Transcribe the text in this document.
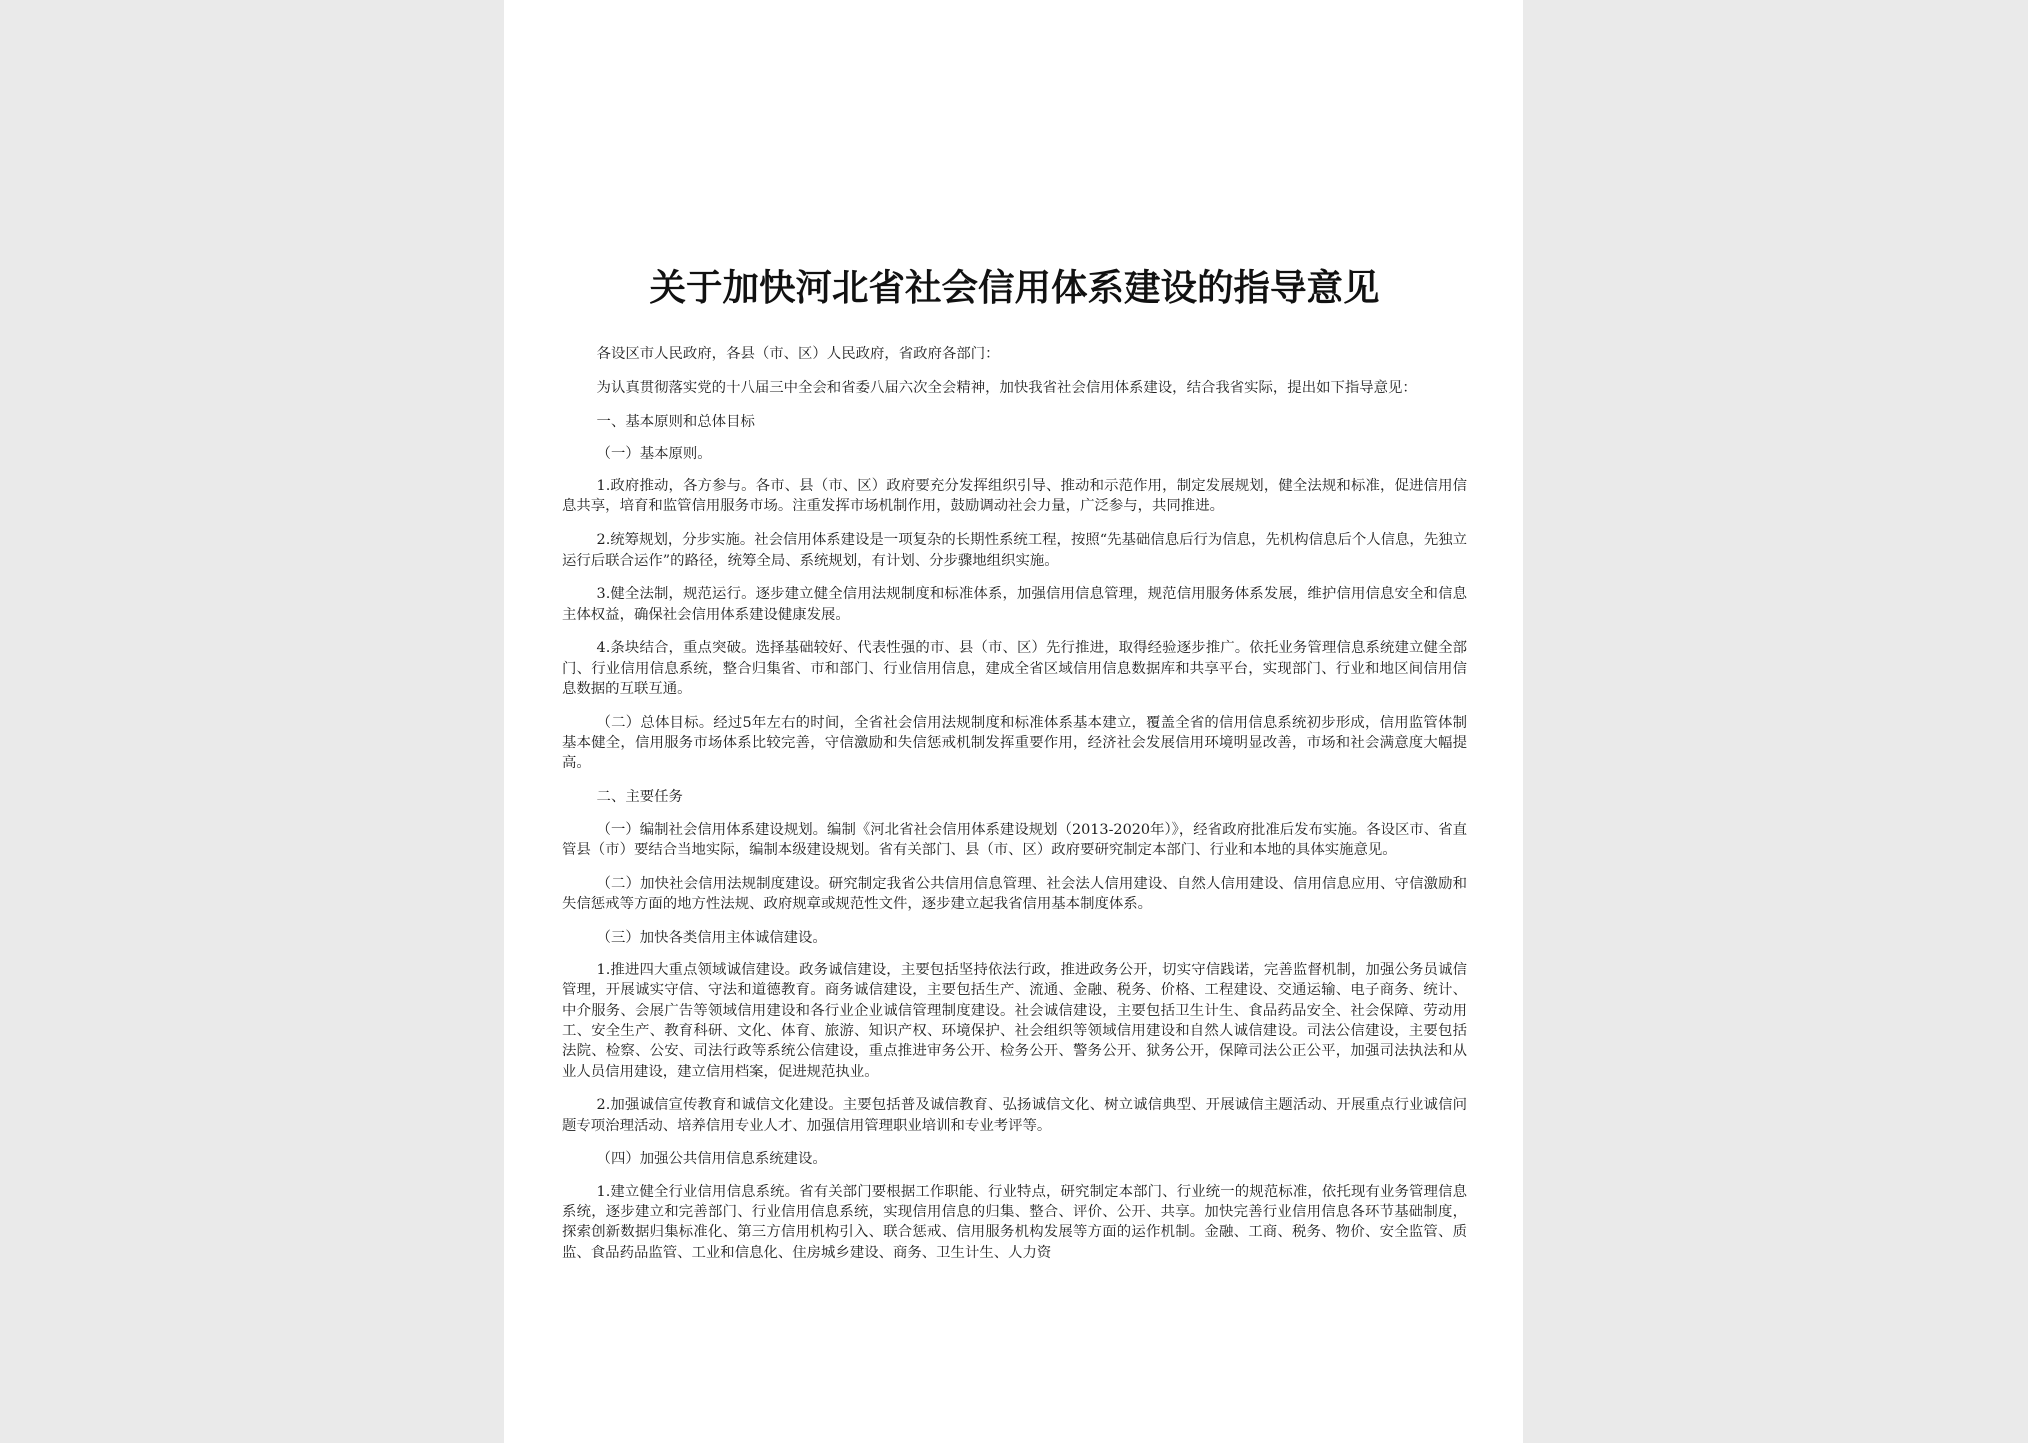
关于加快河北省社会信用体系建设的指导意见

各设区市人民政府，各县（市、区）人民政府，省政府各部门：

为认真贯彻落实党的十八届三中全会和省委八届六次全会精神，加快我省社会信用体系建设，结合我省实际，提出如下指导意见：

一、基本原则和总体目标

（一）基本原则。

1.政府推动，各方参与。各市、县（市、区）政府要充分发挥组织引导、推动和示范作用，制定发展规划，健全法规和标准，促进信用信息共享，培育和监管信用服务市场。注重发挥市场机制作用，鼓励调动社会力量，广泛参与，共同推进。

2.统筹规划，分步实施。社会信用体系建设是一项复杂的长期性系统工程，按照“先基础信息后行为信息，先机构信息后个人信息，先独立运行后联合运作”的路径，统筹全局、系统规划，有计划、分步骤地组织实施。

3.健全法制，规范运行。逐步建立健全信用法规制度和标准体系，加强信用信息管理，规范信用服务体系发展，维护信用信息安全和信息主体权益，确保社会信用体系建设健康发展。

4.条块结合，重点突破。选择基础较好、代表性强的市、县（市、区）先行推进，取得经验逐步推广。依托业务管理信息系统建立健全部门、行业信用信息系统，整合归集省、市和部门、行业信用信息，建成全省区域信用信息数据库和共享平台，实现部门、行业和地区间信用信息数据的互联互通。

（二）总体目标。经过5年左右的时间，全省社会信用法规制度和标准体系基本建立，覆盖全省的信用信息系统初步形成，信用监管体制基本健全，信用服务市场体系比较完善，守信激励和失信惩戒机制发挥重要作用，经济社会发展信用环境明显改善，市场和社会满意度大幅提高。

二、主要任务

（一）编制社会信用体系建设规划。编制《河北省社会信用体系建设规划（2013-2020年）》，经省政府批准后发布实施。各设区市、省直管县（市）要结合当地实际，编制本级建设规划。省有关部门、县（市、区）政府要研究制定本部门、行业和本地的具体实施意见。

（二）加快社会信用法规制度建设。研究制定我省公共信用信息管理、社会法人信用建设、自然人信用建设、信用信息应用、守信激励和失信惩戒等方面的地方性法规、政府规章或规范性文件，逐步建立起我省信用基本制度体系。

（三）加快各类信用主体诚信建设。

1.推进四大重点领域诚信建设。政务诚信建设，主要包括坚持依法行政，推进政务公开，切实守信践诺，完善监督机制，加强公务员诚信管理，开展诚实守信、守法和道德教育。商务诚信建设，主要包括生产、流通、金融、税务、价格、工程建设、交通运输、电子商务、统计、中介服务、会展广告等领域信用建设和各行业企业诚信管理制度建设。社会诚信建设，主要包括卫生计生、食品药品安全、社会保障、劳动用工、安全生产、教育科研、文化、体育、旅游、知识产权、环境保护、社会组织等领域信用建设和自然人诚信建设。司法公信建设，主要包括法院、检察、公安、司法行政等系统公信建设，重点推进审务公开、检务公开、警务公开、狱务公开，保障司法公正公平，加强司法执法和从业人员信用建设，建立信用档案，促进规范执业。

2.加强诚信宣传教育和诚信文化建设。主要包括普及诚信教育、弘扬诚信文化、树立诚信典型、开展诚信主题活动、开展重点行业诚信问题专项治理活动、培养信用专业人才、加强信用管理职业培训和专业考评等。

（四）加强公共信用信息系统建设。

1.建立健全行业信用信息系统。省有关部门要根据工作职能、行业特点，研究制定本部门、行业统一的规范标准，依托现有业务管理信息系统，逐步建立和完善部门、行业信用信息系统，实现信用信息的归集、整合、评价、公开、共享。加快完善行业信用信息各环节基础制度，探索创新数据归集标准化、第三方信用机构引入、联合惩戒、信用服务机构发展等方面的运作机制。金融、工商、税务、物价、安全监管、质监、食品药品监管、工业和信息化、住房城乡建设、商务、卫生计生、人力资
